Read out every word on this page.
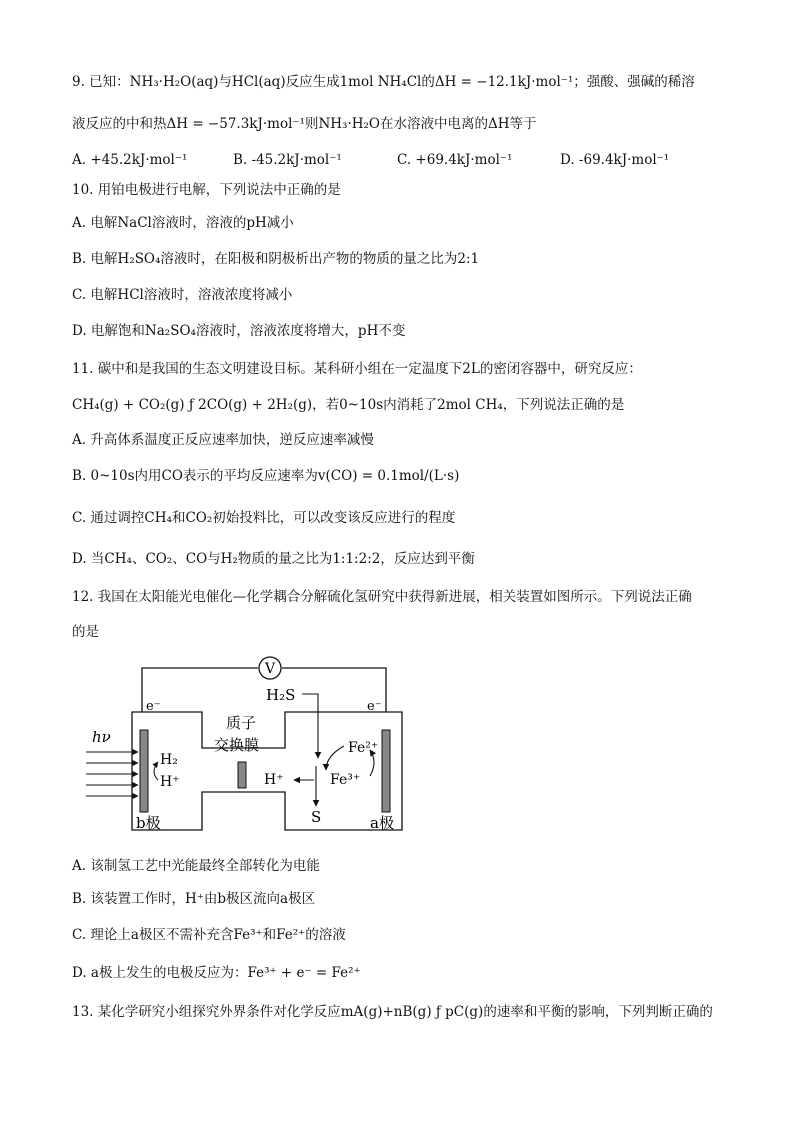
9. 已知：NH₃·H₂O(aq)与HCl(aq)反应生成1mol NH₄Cl的ΔH = −12.1kJ·mol⁻¹；强酸、强碱的稀溶
液反应的中和热ΔH = −57.3kJ·mol⁻¹则NH₃·H₂O在水溶液中电离的ΔH等于
A. +45.2kJ·mol⁻¹	B. -45.2kJ·mol⁻¹	C. +69.4kJ·mol⁻¹	D. -69.4kJ·mol⁻¹
10. 用铂电极进行电解，下列说法中正确的是
A. 电解NaCl溶液时，溶液的pH减小
B. 电解H₂SO₄溶液时，在阳极和阴极析出产物的物质的量之比为2:1
C. 电解HCl溶液时，溶液浓度将减小
D. 电解饱和Na₂SO₄溶液时，溶液浓度将增大，pH不变
11. 碳中和是我国的生态文明建设目标。某科研小组在一定温度下2L的密闭容器中，研究反应：
CH₄(g) + CO₂(g) ƒ 2CO(g) + 2H₂(g)，若0~10s内消耗了2mol CH₄，下列说法正确的是
A. 升高体系温度正反应速率加快，逆反应速率减慢
B. 0~10s内用CO表示的平均反应速率为v(CO) = 0.1mol/(L·s)
C. 通过调控CH₄和CO₂初始投料比，可以改变该反应进行的程度
D. 当CH₄、CO₂、CO与H₂物质的量之比为1:1:2:2，反应达到平衡
12. 我国在太阳能光电催化—化学耦合分解硫化氢研究中获得新进展，相关装置如图所示。下列说法正确
的是
V
e⁻	e⁻
质子
交换膜
hν
H₂
H⁺
H₂S
H⁺
S
Fe²⁺
Fe³⁺
b极	a极
A. 该制氢工艺中光能最终全部转化为电能
B. 该装置工作时，H⁺由b极区流向a极区
C. 理论上a极区不需补充含Fe³⁺和Fe²⁺的溶液
D. a极上发生的电极反应为：Fe³⁺ + e⁻ = Fe²⁺
13. 某化学研究小组探究外界条件对化学反应mA(g)+nB(g) ƒ pC(g)的速率和平衡的影响，下列判断正确的
